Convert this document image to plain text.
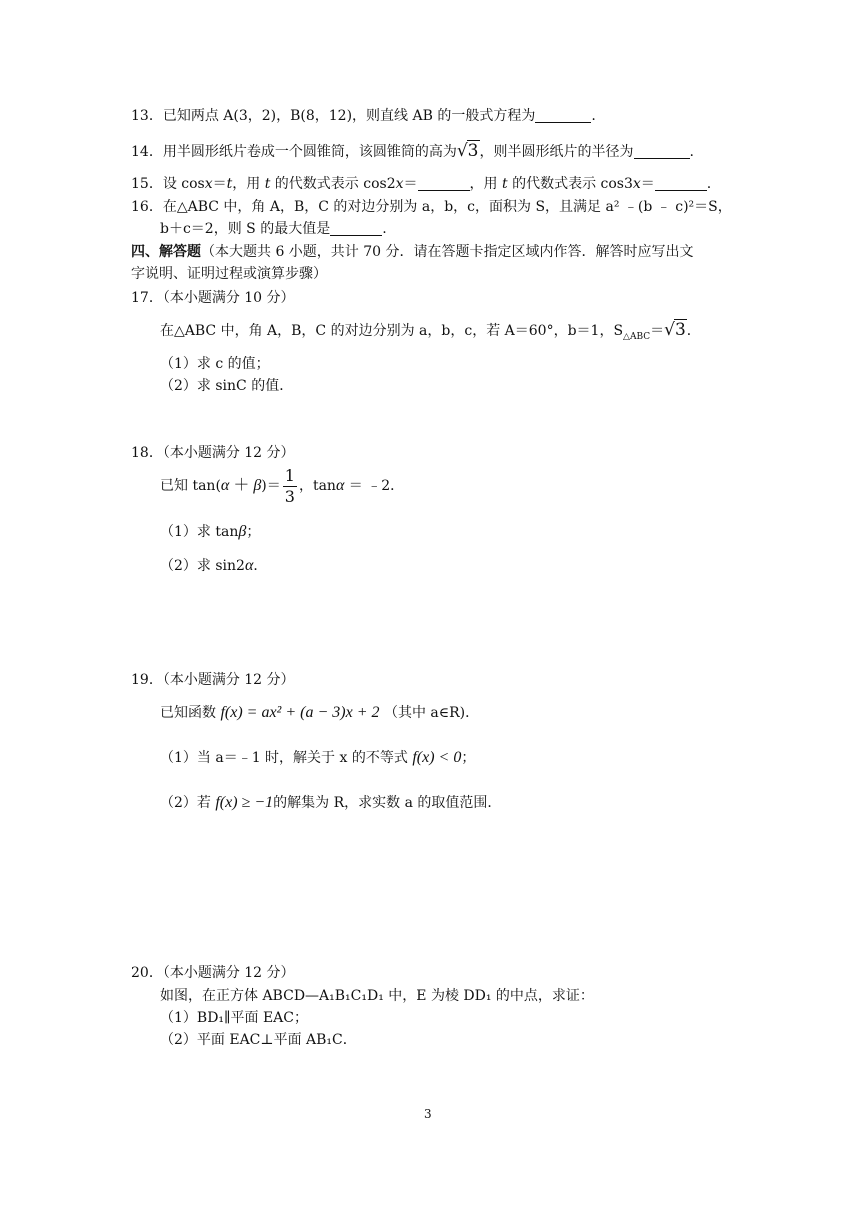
13．已知两点 A(3，2)，B(8，12)，则直线 AB 的一般式方程为	.
14．用半圆形纸片卷成一个圆锥筒，该圆锥筒的高为√3，则半圆形纸片的半径为	.
15．设 cosx＝t，用 t 的代数式表示 cos2x＝	，用 t 的代数式表示 cos3x＝	.
16．在△ABC 中，角 A，B，C 的对边分别为 a，b，c，面积为 S，且满足 a² ﹣(b ﹣ c)²＝S，
b＋c＝2，则 S 的最大值是	.
四、解答题（本大题共 6 小题，共计 70 分．请在答题卡指定区域内作答．解答时应写出文
字说明、证明过程或演算步骤）
17．（本小题满分 10 分）
在△ABC 中，角 A，B，C 的对边分别为 a，b，c，若 A＝60°，b＝1，$S_{\triangle ABC}=√3$．
（1）求 c 的值；
（2）求 sinC 的值．
18．（本小题满分 12 分）
已知 $\tan(\alpha + \beta)= \frac{1}{3}$ ，tanα ＝ ﹣2．
（1）求 tanβ；
（2）求 sin2α．
19．（本小题满分 12 分）
已知函数 f(x) = ax² + (a − 3)x + 2 （其中 a∈R)．
（1）当 a＝﹣1 时，解关于 x 的不等式 f(x) < 0；
（2）若 f(x) ≥ −1的解集为 R，求实数 a 的取值范围．
20．（本小题满分 12 分）
如图，在正方体 ABCD—A₁B₁C₁D₁ 中，E 为棱 DD₁ 的中点，求证：
（1）BD₁∥平面 EAC；
（2）平面 EAC⊥平面 AB₁C．
3
